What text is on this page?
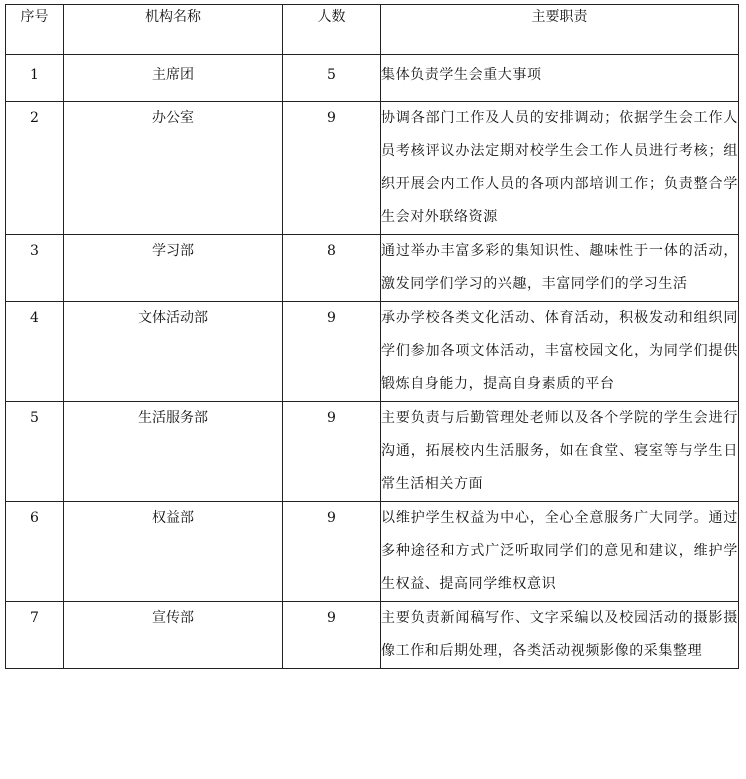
序号	机构名称	人数	主要职责
1	主席团	5	集体负责学生会重大事项
2	办公室	9	协调各部门工作及人员的安排调动；依据学生会工作人员考核评议办法定期对校学生会工作人员进行考核；组织开展会内工作人员的各项内部培训工作；负责整合学生会对外联络资源
3	学习部	8	通过举办丰富多彩的集知识性、趣味性于一体的活动，激发同学们学习的兴趣，丰富同学们的学习生活
4	文体活动部	9	承办学校各类文化活动、体育活动，积极发动和组织同学们参加各项文体活动，丰富校园文化，为同学们提供锻炼自身能力，提高自身素质的平台
5	生活服务部	9	主要负责与后勤管理处老师以及各个学院的学生会进行沟通，拓展校内生活服务，如在食堂、寝室等与学生日常生活相关方面
6	权益部	9	以维护学生权益为中心，全心全意服务广大同学。通过多种途径和方式广泛听取同学们的意见和建议，维护学生权益、提高同学维权意识
7	宣传部	9	主要负责新闻稿写作、文字采编以及校园活动的摄影摄像工作和后期处理，各类活动视频影像的采集整理
